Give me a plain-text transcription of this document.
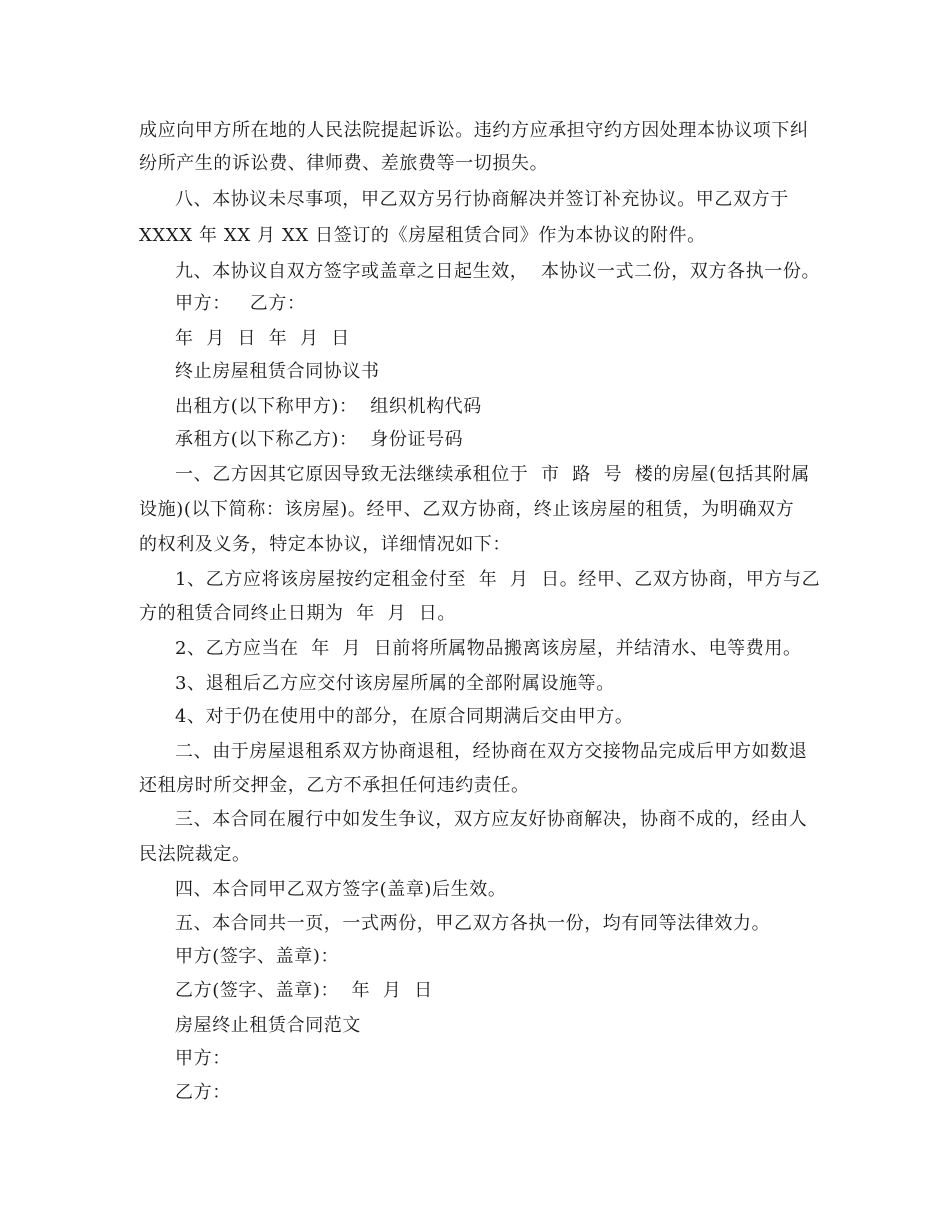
成应向甲方所在地的人民法院提起诉讼。违约方应承担守约方因处理本协议项下纠
纷所产生的诉讼费、律师费、差旅费等一切损失。
八、本协议未尽事项，甲乙双方另行协商解决并签订补充协议。甲乙双方于
XXXX 年 XX 月 XX 日签订的《房屋租赁合同》作为本协议的附件。
九、本协议自双方签字或盖章之日起生效，  本协议一式二份，双方各执一份。
甲方：   乙方：
年  月  日  年  月  日
终止房屋租赁合同协议书
出租方(以下称甲方)：  组织机构代码
承租方(以下称乙方)：  身份证号码
一、乙方因其它原因导致无法继续承租位于  市  路  号  楼的房屋(包括其附属
设施)(以下简称：该房屋)。经甲、乙双方协商，终止该房屋的租赁，为明确双方
的权利及义务，特定本协议，详细情况如下：
1、乙方应将该房屋按约定租金付至  年  月  日。经甲、乙双方协商，甲方与乙
方的租赁合同终止日期为  年  月  日。
2、乙方应当在  年  月  日前将所属物品搬离该房屋，并结清水、电等费用。
3、退租后乙方应交付该房屋所属的全部附属设施等。
4、对于仍在使用中的部分，在原合同期满后交由甲方。
二、由于房屋退租系双方协商退租，经协商在双方交接物品完成后甲方如数退
还租房时所交押金，乙方不承担任何违约责任。
三、本合同在履行中如发生争议，双方应友好协商解决，协商不成的，经由人
民法院裁定。
四、本合同甲乙双方签字(盖章)后生效。
五、本合同共一页，一式两份，甲乙双方各执一份，均有同等法律效力。
甲方(签字、盖章)：
乙方(签字、盖章)：  年  月  日
房屋终止租赁合同范文
甲方：
乙方：
